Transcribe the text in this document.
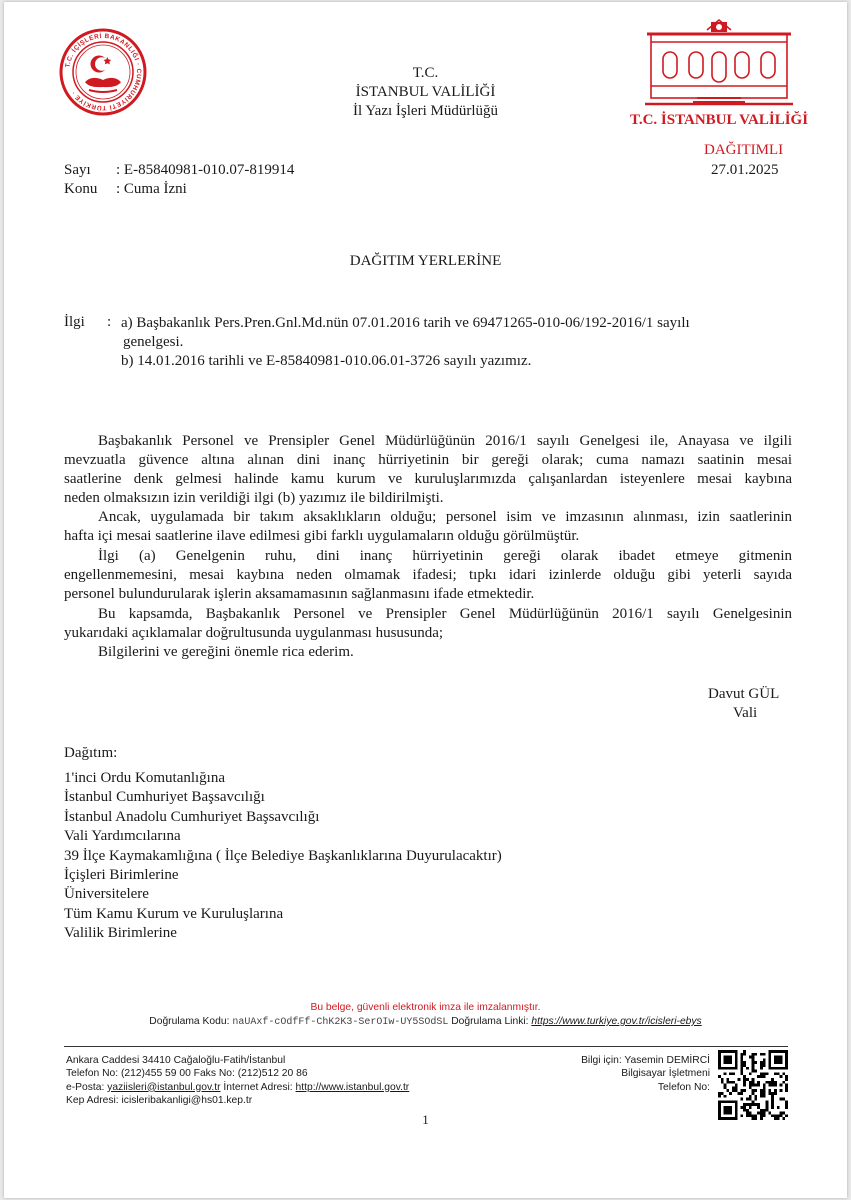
T.C. İÇİŞLERİ BAKANLIĞI · CUMHURİYETİ TÜRKİYE ·
T.C. İSTANBUL VALİLİĞİ
T.C.
İSTANBUL VALİLİĞİ
İl Yazı İşleri Müdürlüğü
DAĞITIMLI
Sayı : E-85840981-010.07-819914	27.01.2025
Konu : Cuma İzni
DAĞITIM YERLERİNE
İlgi : a) Başbakanlık Pers.Pren.Gnl.Md.nün 07.01.2016 tarih ve 69471265-010-06/192-2016/1 sayılı
genelgesi.
b) 14.01.2016 tarihli ve E-85840981-010.06.01-3726 sayılı yazımız.
Başbakanlık Personel ve Prensipler Genel Müdürlüğünün 2016/1 sayılı Genelgesi ile, Anayasa ve ilgili
mevzuatla güvence altına alınan dini inanç hürriyetinin bir gereği olarak; cuma namazı saatinin mesai
saatlerine denk gelmesi halinde kamu kurum ve kuruluşlarımızda çalışanlardan isteyenlere mesai kaybına
neden olmaksızın izin verildiği ilgi (b) yazımız ile bildirilmişti.
Ancak, uygulamada bir takım aksaklıkların olduğu; personel isim ve imzasının alınması, izin saatlerinin
hafta içi mesai saatlerine ilave edilmesi gibi farklı uygulamaların olduğu görülmüştür.
İlgi (a) Genelgenin ruhu, dini inanç hürriyetinin gereği olarak ibadet etmeye gitmenin
engellenmemesini, mesai kaybına neden olmamak ifadesi; tıpkı idari izinlerde olduğu gibi yeterli sayıda
personel bulundurularak işlerin aksamamasının sağlanmasını ifade etmektedir.
Bu kapsamda, Başbakanlık Personel ve Prensipler Genel Müdürlüğünün 2016/1 sayılı Genelgesinin
yukarıdaki açıklamalar doğrultusunda uygulanması hususunda;
Bilgilerini ve gereğini önemle rica ederim.
Davut GÜL
Vali
Dağıtım:
1'inci Ordu Komutanlığına
İstanbul Cumhuriyet Başsavcılığı
İstanbul Anadolu Cumhuriyet Başsavcılığı
Vali Yardımcılarına
39 İlçe Kaymakamlığına ( İlçe Belediye Başkanlıklarına Duyurulacaktır)
İçişleri Birimlerine
Üniversitelere
Tüm Kamu Kurum ve Kuruluşlarına
Valilik Birimlerine
Bu belge, güvenli elektronik imza ile imzalanmıştır.
Doğrulama Kodu: naUAxf-cOdfFf-ChK2K3-SerOIw-UY5SOdSL Doğrulama Linki: https://www.turkiye.gov.tr/icisleri-ebys
Ankara Caddesi 34410 Cağaloğlu-Fatih/İstanbul
Telefon No: (212)455 59 00 Faks No: (212)512 20 86
e-Posta: yaziisleri@istanbul.gov.tr İnternet Adresi: http://www.istanbul.gov.tr
Kep Adresi: icisleribakanligi@hs01.kep.tr
Bilgi için: Yasemin DEMİRCİ
Bilgisayar İşletmeni
Telefon No:
1
